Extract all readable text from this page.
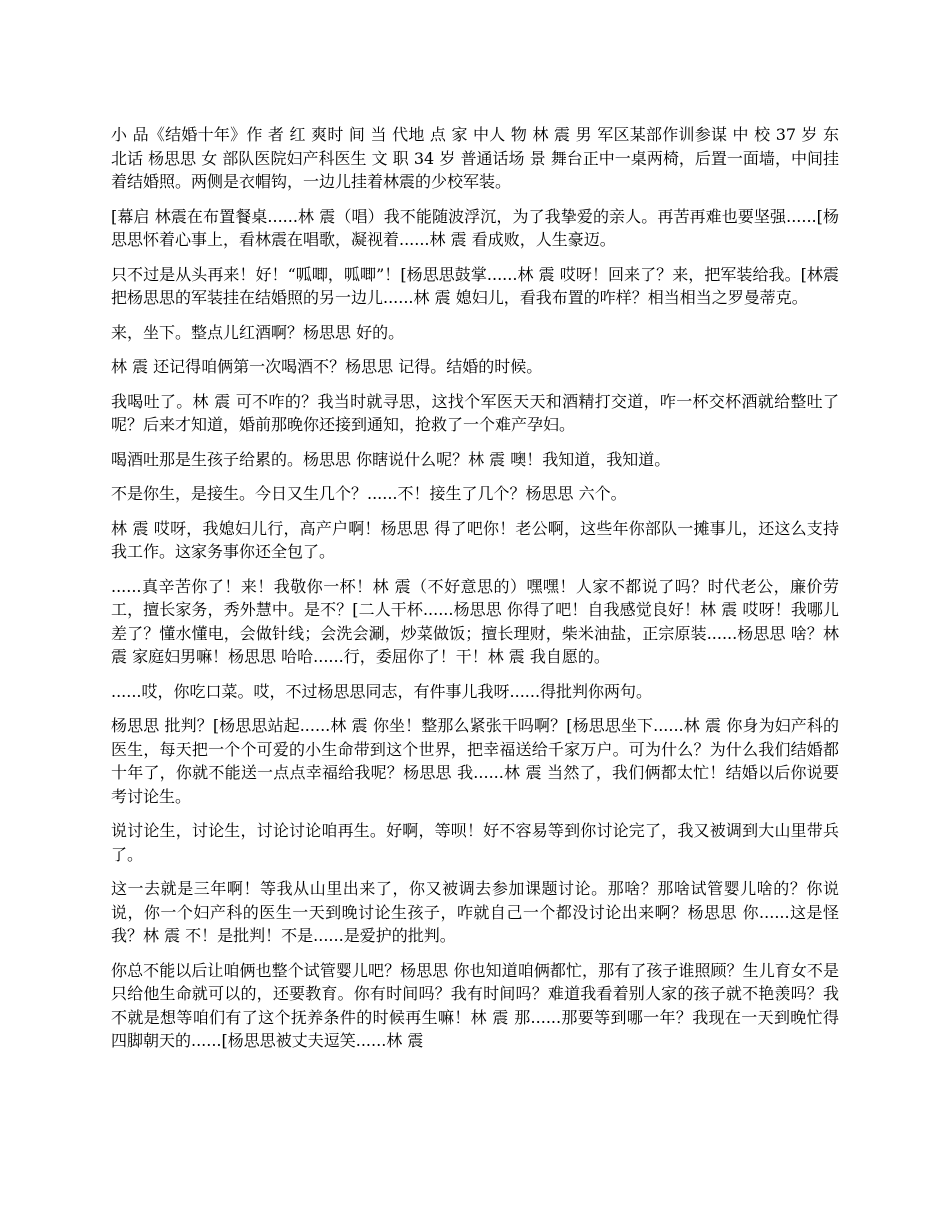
小 品《结婚十年》作 者 红 爽时 间 当 代地 点 家 中人 物 林 震 男 军区某部作训参谋 中 校 37 岁 东北话 杨思思 女 部队医院妇产科医生 文 职 34 岁 普通话场 景 舞台正中一桌两椅，后置一面墙，中间挂着结婚照。两侧是衣帽钩，一边儿挂着林震的少校军装。

[幕启 林震在布置餐桌......林 震（唱）我不能随波浮沉，为了我挚爱的亲人。再苦再难也要坚强......[杨思思怀着心事上，看林震在唱歌，凝视着......林 震 看成败，人生豪迈。

只不过是从头再来！好！“呱唧，呱唧”！[杨思思鼓掌......林 震 哎呀！回来了？来，把军装给我。[林震把杨思思的军装挂在结婚照的另一边儿......林 震 媳妇儿，看我布置的咋样？相当相当之罗曼蒂克。

来，坐下。整点儿红酒啊？杨思思 好的。

林 震 还记得咱俩第一次喝酒不？杨思思 记得。结婚的时候。

我喝吐了。林 震 可不咋的？我当时就寻思，这找个军医天天和酒精打交道，咋一杯交杯酒就给整吐了呢？后来才知道，婚前那晚你还接到通知，抢救了一个难产孕妇。

喝酒吐那是生孩子给累的。杨思思 你瞎说什么呢？林 震 噢！我知道，我知道。

不是你生，是接生。今日又生几个？......不！接生了几个？杨思思 六个。

林 震 哎呀，我媳妇儿行，高产户啊！杨思思 得了吧你！老公啊，这些年你部队一摊事儿，还这么支持我工作。这家务事你还全包了。

......真辛苦你了！来！我敬你一杯！林 震（不好意思的）嘿嘿！人家不都说了吗？时代老公，廉价劳工，擅长家务，秀外慧中。是不？[二人干杯......杨思思 你得了吧！自我感觉良好！林 震 哎呀！我哪儿差了？懂水懂电，会做针线；会洗会涮，炒菜做饭；擅长理财，柴米油盐，正宗原装......杨思思 啥？林 震 家庭妇男嘛！杨思思 哈哈......行，委屈你了！干！林 震 我自愿的。

......哎，你吃口菜。哎，不过杨思思同志，有件事儿我呀......得批判你两句。

杨思思 批判？[杨思思站起......林 震 你坐！整那么紧张干吗啊？[杨思思坐下......林 震 你身为妇产科的医生，每天把一个个可爱的小生命带到这个世界，把幸福送给千家万户。可为什么？为什么我们结婚都十年了，你就不能送一点点幸福给我呢？杨思思 我......林 震 当然了，我们俩都太忙！结婚以后你说要考讨论生。

说讨论生，讨论生，讨论讨论咱再生。好啊，等呗！好不容易等到你讨论完了，我又被调到大山里带兵了。

这一去就是三年啊！等我从山里出来了，你又被调去参加课题讨论。那啥？那啥试管婴儿啥的？你说说，你一个妇产科的医生一天到晚讨论生孩子，咋就自己一个都没讨论出来啊？杨思思 你......这是怪我？林 震 不！是批判！不是......是爱护的批判。

你总不能以后让咱俩也整个试管婴儿吧？杨思思 你也知道咱俩都忙，那有了孩子谁照顾？生儿育女不是只给他生命就可以的，还要教育。你有时间吗？我有时间吗？难道我看着别人家的孩子就不艳羡吗？我不就是想等咱们有了这个抚养条件的时候再生嘛！林 震 那......那要等到哪一年？我现在一天到晚忙得四脚朝天的......[杨思思被丈夫逗笑......林 震
